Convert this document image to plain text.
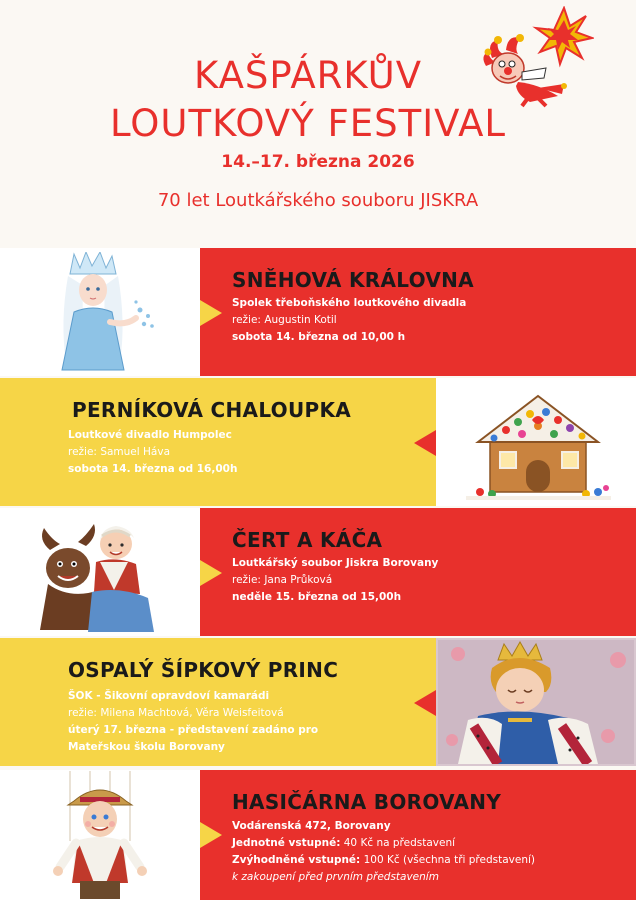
KAŠPÁRKŮV
LOUTKOVÝ FESTIVAL
14.–17. března 2026
70 let Loutkářského souboru JISKRA
SNĚHOVÁ KRÁLOVNA
Spolek třeboňského loutkového divadla
režie: Augustin Kotil
sobota 14. března od 10,00 h
PERNÍKOVÁ CHALOUPKA
Loutkové divadlo Humpolec
režie: Samuel Háva
sobota 14. března od 16,00h
ČERT A KÁČA
Loutkářský soubor Jiskra Borovany
režie: Jana Průková
neděle 15. března od 15,00h
OSPALÝ ŠÍPKOVÝ PRINC
ŠOK - Šikovní opravdoví kamarádi
režie: Milena Machtová, Věra Weisfeitová
úterý 17. března - představení zadáno pro
Mateřskou školu Borovany
HASIČÁRNA BOROVANY
Vodárenská 472, Borovany
Jednotné vstupné: 40 Kč na představení
Zvýhodněné vstupné: 100 Kč (všechna tři představení)
k zakoupení před prvním představením
